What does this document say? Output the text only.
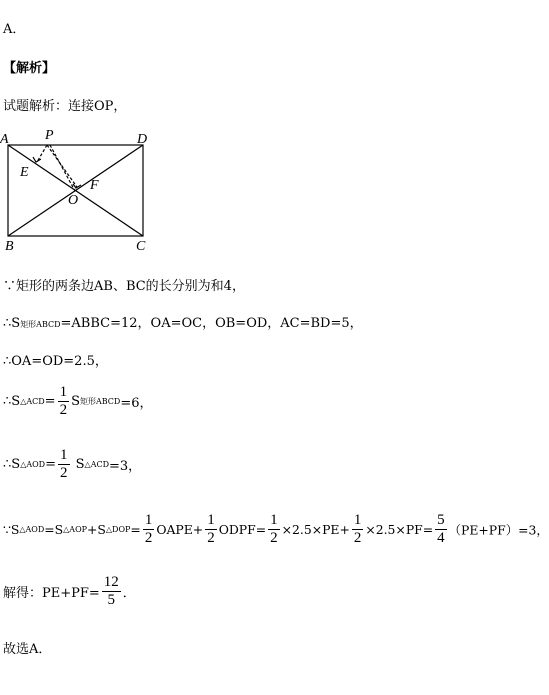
A．
【解析】
试题解析：连接OP，
A	P	D
E
F
O
B	C
∵矩形的两条边AB、BC的长分别为和4，
∴S矩形ABCD=ABBC=12，OA=OC，OB=OD，AC=BD=5，
∴OA=OD=2.5，
∴S△ACD= $\frac{1}{2}$ S矩形ABCD=6，
∴S△AOD= $\frac{1}{2}$ S△ACD=3，
∵S△AOD=S△AOP+S△DOP= $\frac{1}{2}$ OAPE+ $\frac{1}{2}$ ODPF= $\frac{1}{2} \times 2.5\times PE+ \frac{1}{2} \times 2.5\times PF= \frac{5}{4} (PE+PF)=3$，
解得：$PE+PF= \frac{12}{5}$ ．
故选A．
